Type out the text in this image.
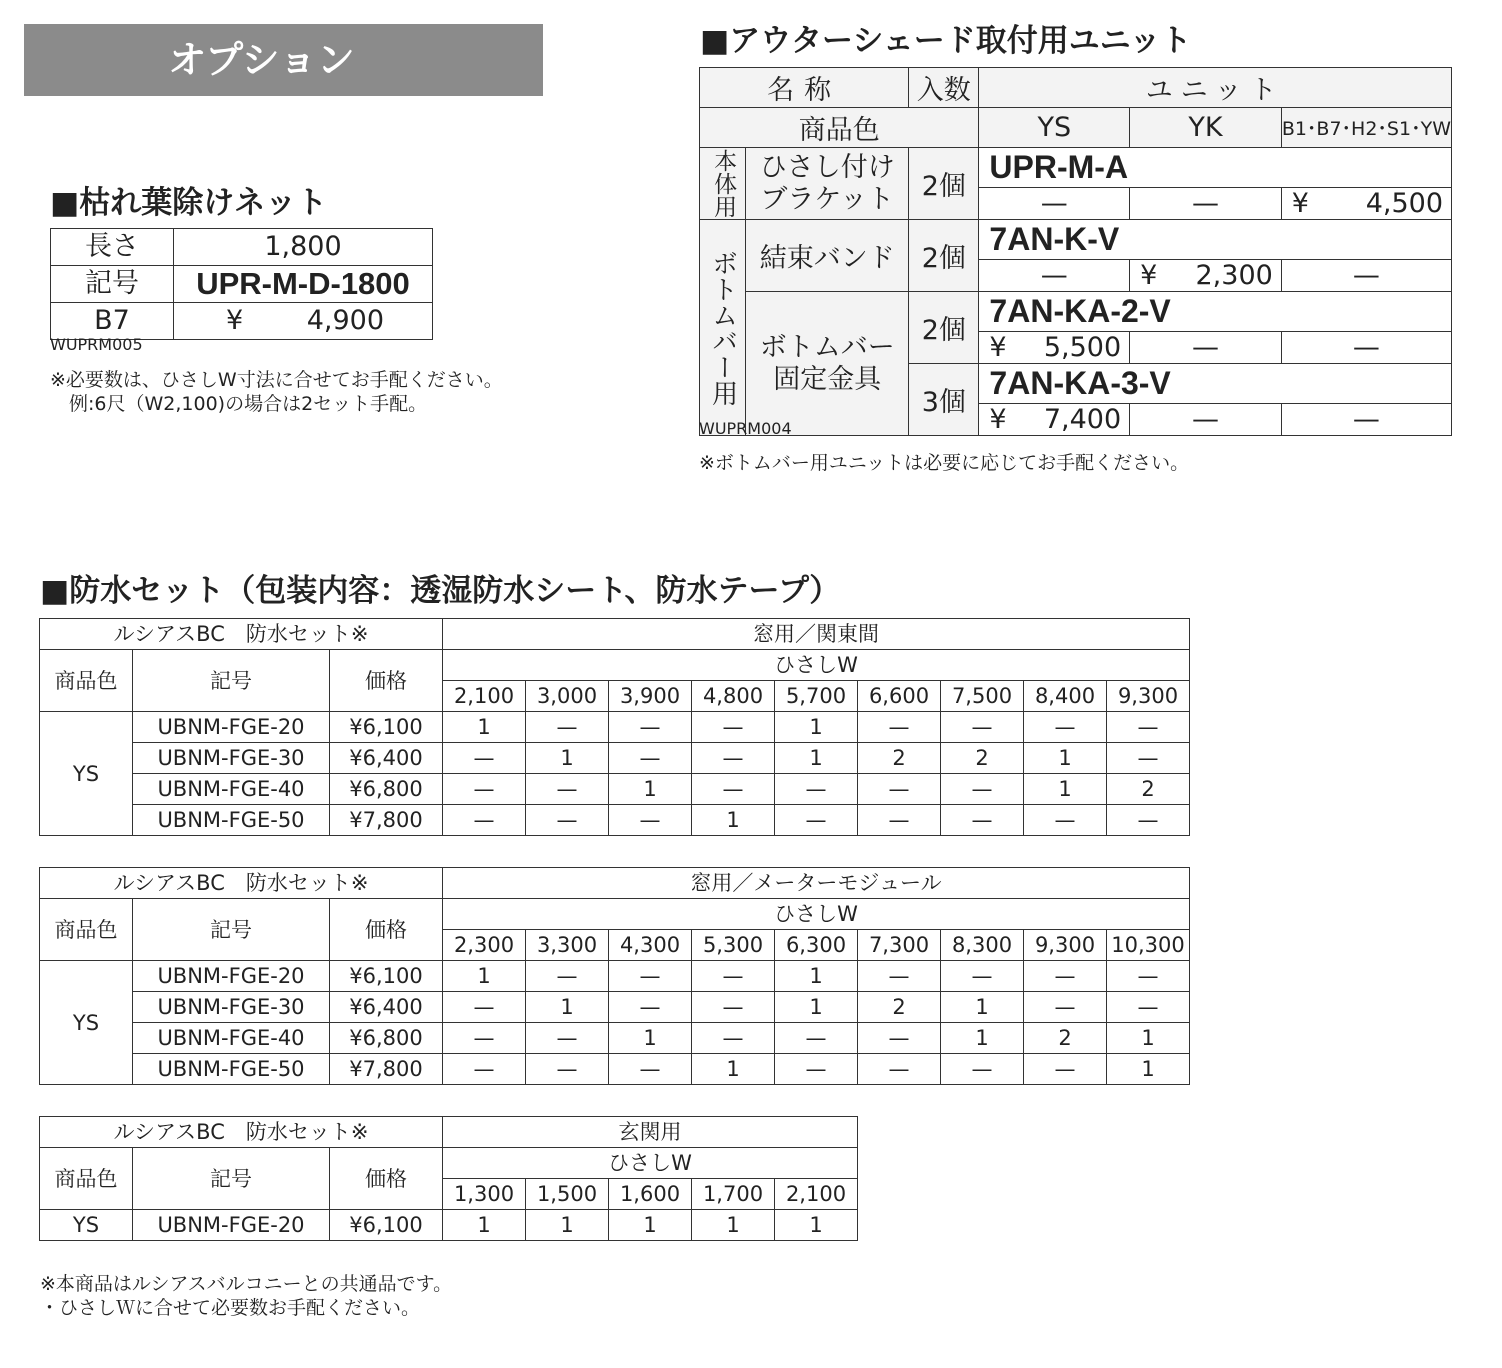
オプション
■枯れ葉除けネット
長さ	1,800
記号	UPR-M-D-1800
B7	¥ 4,900
WUPRM005
※必要数は、ひさしW寸法に合せてお手配ください。
　例:6尺（W2,100)の場合は2セット手配。
■アウターシェード取付用ユニット
名称		入数	ユニット		
商品色			YS	YK	B1･B7･H2･S1･YW

本体用	ひさし付け
ブラケット	2個	UPR-M-A		
			—	—	¥ 4,500

ボトムバー用	結束バンド	2個	7AN-K-V		
			—	¥ 2,300	—

	ボトムバー
固定金具	2個	7AN-KA-2-V		

			¥ 5,500	—	—
		3個	7AN-KA-3-V		

			¥ 7,400	—	—
WUPRM004
※ボトムバー用ユニットは必要に応じてお手配ください。
■防水セット（包装内容：透湿防水シート、防水テープ）
ルシアスBC　防水セット※			窓用／関東間								
商品色	記号	価格	ひさしW								
			2,100	3,000	3,900	4,800	5,700	6,600	7,500	8,400	9,300
YS	UBNM-FGE-20	¥6,100	1	—	—	—	1	—	—	—	—
	UBNM-FGE-30	¥6,400	—	1	—	—	1	2	2	1	—
	UBNM-FGE-40	¥6,800	—	—	1	—	—	—	—	1	2
	UBNM-FGE-50	¥7,800	—	—	—	1	—	—	—	—	—
ルシアスBC　防水セット※			窓用／メーターモジュール								
商品色	記号	価格	ひさしW								
			2,300	3,300	4,300	5,300	6,300	7,300	8,300	9,300	10,300
YS	UBNM-FGE-20	¥6,100	1	—	—	—	1	—	—	—	—
	UBNM-FGE-30	¥6,400	—	1	—	—	1	2	1	—	—
	UBNM-FGE-40	¥6,800	—	—	1	—	—	—	1	2	1
	UBNM-FGE-50	¥7,800	—	—	—	1	—	—	—	—	1
ルシアスBC　防水セット※			玄関用				
商品色	記号	価格	ひさしW				
			1,300	1,500	1,600	1,700	2,100
YS	UBNM-FGE-20	¥6,100	1	1	1	1	1
※本商品はルシアスバルコニーとの共通品です。
・ひさしＷに合せて必要数お手配ください。
